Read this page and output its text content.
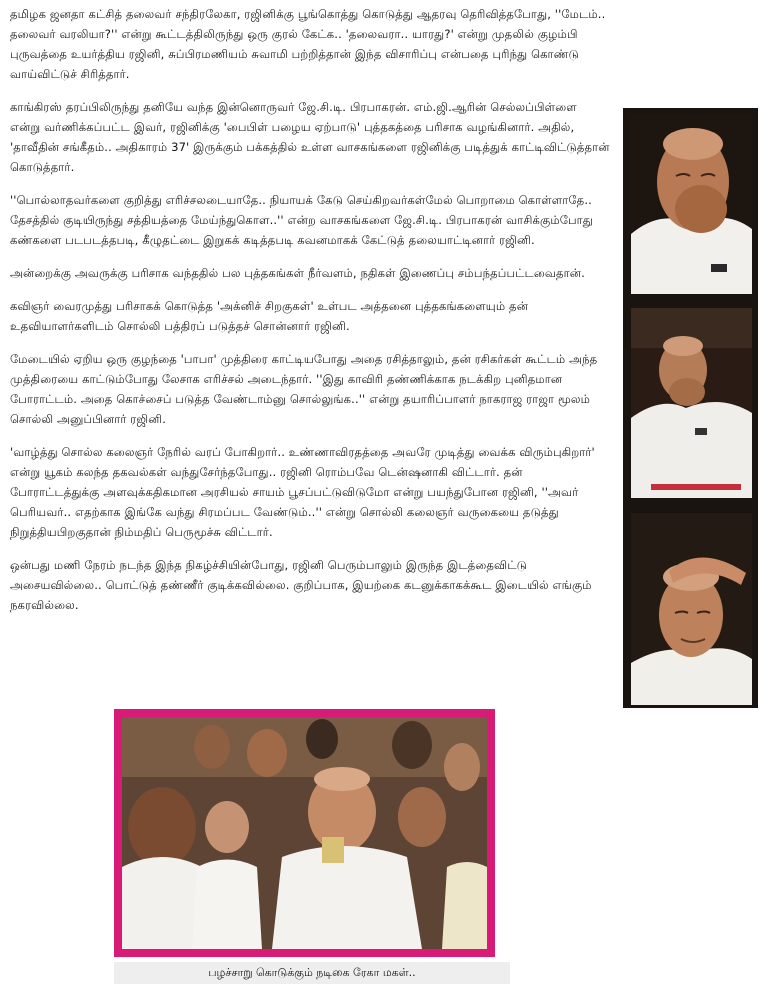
தமிழக ஜனதா கட்சித் தலைவர் சந்திரலேகா, ரஜினிக்கு பூங்கொத்து கொடுத்து ஆதரவு தெரிவித்தபோது, ''மேடம்.. தலைவர் வரலியா?'' என்று கூட்டத்திலிருந்து ஒரு குரல் கேட்க.. 'தலைவரா.. யாரது?' என்று முதலில் குழம்பி புருவத்தை உயர்த்திய ரஜினி, சுப்பிரமணியம் சுவாமி பற்றித்தான் இந்த விசாரிப்பு என்பதை புரிந்து கொண்டு வாய்விட்டுச் சிரித்தார்.

காங்கிரஸ் தரப்பிலிருந்து தனியே வந்த இன்னொருவர் ஜே.சி.டி. பிரபாகரன். எம்.ஜி.ஆரின் செல்லப்பிள்ளை என்று வர்ணிக்கப்பட்ட இவர், ரஜினிக்கு 'பைபிள் பழைய ஏற்பாடு' புத்தகத்தை பரிசாக வழங்கினார். அதில், 'தாவீதின் சங்கீதம்.. அதிகாரம் 37' இருக்கும் பக்கத்தில் உள்ள வாசகங்களை ரஜினிக்கு படித்துக் காட்டிவிட்டுத்தான் கொடுத்தார்.

''பொல்லாதவர்களை குறித்து எரிச்சலடையாதே.. நியாயக் கேடு செய்கிறவர்கள்மேல் பொறாமை கொள்ளாதே.. தேசத்தில் குடியிருந்து சத்தியத்தை மேய்ந்துகொள..'' என்ற வாசகங்களை ஜே.சி.டி. பிரபாகரன் வாசிக்கும்போது கண்களை படபடத்தபடி, கீழுதட்டை இறுகக் கடித்தபடி கவனமாகக் கேட்டுத் தலையாட்டினார் ரஜினி.

அன்றைக்கு அவருக்கு பரிசாக வந்ததில் பல புத்தகங்கள் நீர்வளம், நதிகள் இணைப்பு சம்பந்தப்பட்டவைதான்.

கவிஞர் வைரமுத்து பரிசாகக் கொடுத்த 'அக்னிச் சிறகுகள்' உள்பட அத்தனை புத்தகங்களையும் தன் உதவியாளர்களிடம் சொல்லி பத்திரப் படுத்தச் சொன்னார் ரஜினி.

மேடையில் ஏறிய ஒரு குழந்தை 'பாபா' முத்திரை காட்டியபோது அதை ரசித்தாலும், தன் ரசிகர்கள் கூட்டம் அந்த முத்திரையை காட்டும்போது லேசாக எரிச்சல் அடைந்தார். ''இது காவிரி தண்ணிக்காக நடக்கிற புனிதமான போராட்டம். அதை கொச்சைப் படுத்த வேண்டாம்னு சொல்லுங்க..'' என்று தயாரிப்பாளர் நாகராஜ ராஜா மூலம் சொல்லி அனுப்பினார் ரஜினி.

'வாழ்த்து சொல்ல கலைஞர் நேரில் வரப் போகிறார்.. உண்ணாவிரதத்தை அவரே முடித்து வைக்க விரும்புகிறார்' என்று யூகம் கலந்த தகவல்கள் வந்துசேர்ந்தபோது.. ரஜினி ரொம்பவே டென்ஷனாகி விட்டார். தன் போராட்டத்துக்கு அளவுக்கதிகமான அரசியல் சாயம் பூசப்பட்டுவிடுமோ என்று பயந்துபோன ரஜினி, ''அவர் பெரியவர்.. எதற்காக இங்கே வந்து சிரமப்பட வேண்டும்..'' என்று சொல்லி கலைஞர் வருகையை தடுத்து நிறுத்தியபிறகுதான் நிம்மதிப் பெருமூச்சு விட்டார்.

ஒன்பது மணி நேரம் நடந்த இந்த நிகழ்ச்சியின்போது, ரஜினி பெரும்பாலும் இருந்த இடத்தைவிட்டு அசையவில்லை.. பொட்டுத் தண்ணீர் குடிக்கவில்லை. குறிப்பாக, இயற்கை கடனுக்காகக்கூட இடையில் எங்கும் நகரவில்லை.

பழச்சாறு கொடுக்கும் நடிகை ரேகா மகள்..
